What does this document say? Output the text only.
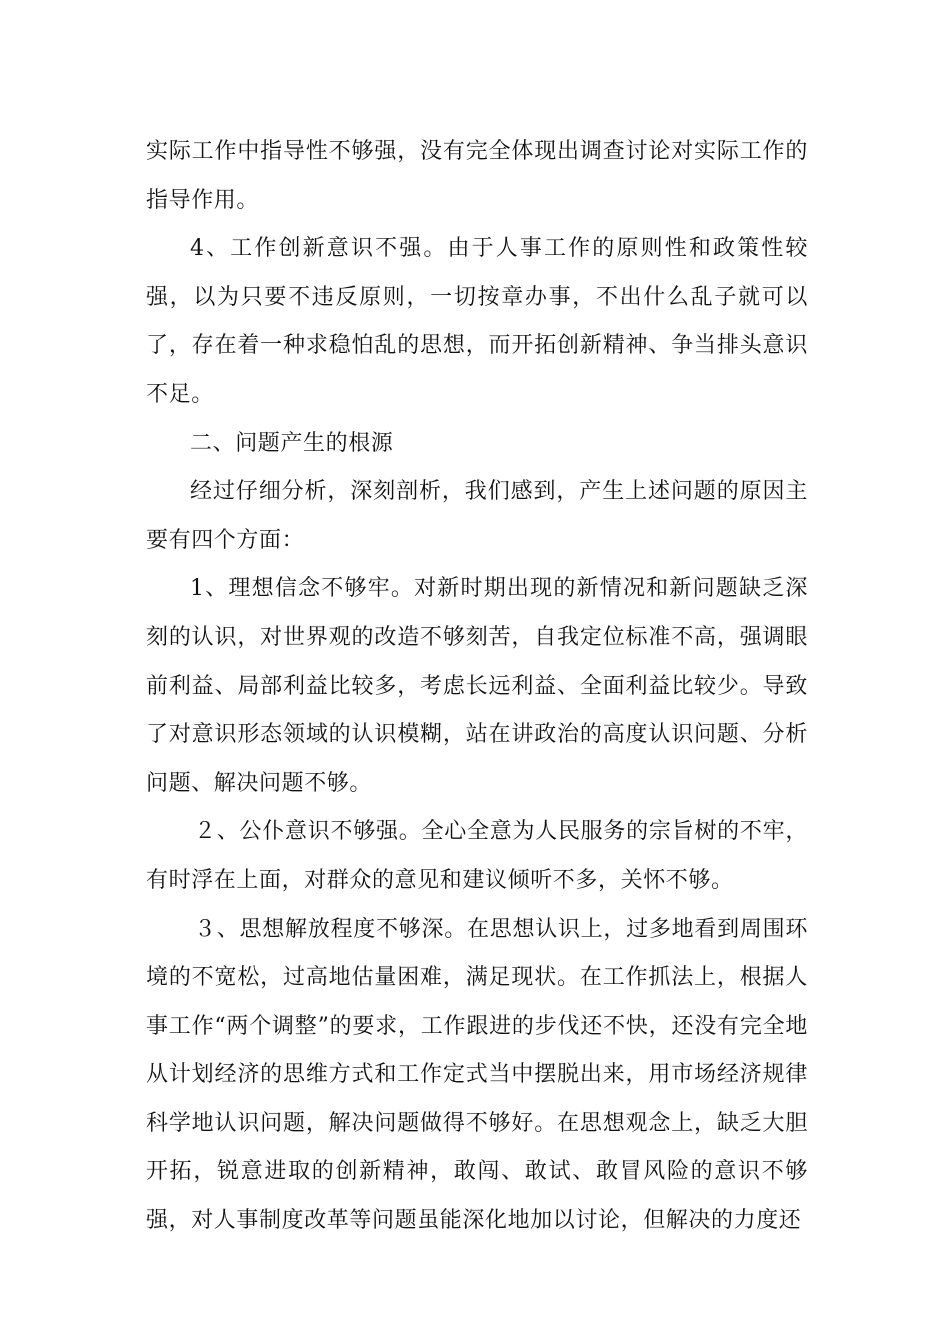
实际工作中指导性不够强，没有完全体现出调查讨论对实际工作的指导作用。

4、工作创新意识不强。由于人事工作的原则性和政策性较强，以为只要不违反原则，一切按章办事，不出什么乱子就可以了，存在着一种求稳怕乱的思想，而开拓创新精神、争当排头意识不足。

二、问题产生的根源

经过仔细分析，深刻剖析，我们感到，产生上述问题的原因主要有四个方面：

1、理想信念不够牢。对新时期出现的新情况和新问题缺乏深刻的认识，对世界观的改造不够刻苦，自我定位标准不高，强调眼前利益、局部利益比较多，考虑长远利益、全面利益比较少。导致了对意识形态领域的认识模糊，站在讲政治的高度认识问题、分析问题、解决问题不够。

２、公仆意识不够强。全心全意为人民服务的宗旨树的不牢，有时浮在上面，对群众的意见和建议倾听不多，关怀不够。

３、思想解放程度不够深。在思想认识上，过多地看到周围环境的不宽松，过高地估量困难，满足现状。在工作抓法上，根据人事工作“两个调整”的要求，工作跟进的步伐还不快，还没有完全地从计划经济的思维方式和工作定式当中摆脱出来，用市场经济规律科学地认识问题，解决问题做得不够好。在思想观念上，缺乏大胆开拓，锐意进取的创新精神，敢闯、敢试、敢冒风险的意识不够强，对人事制度改革等问题虽能深化地加以讨论，但解决的力度还
